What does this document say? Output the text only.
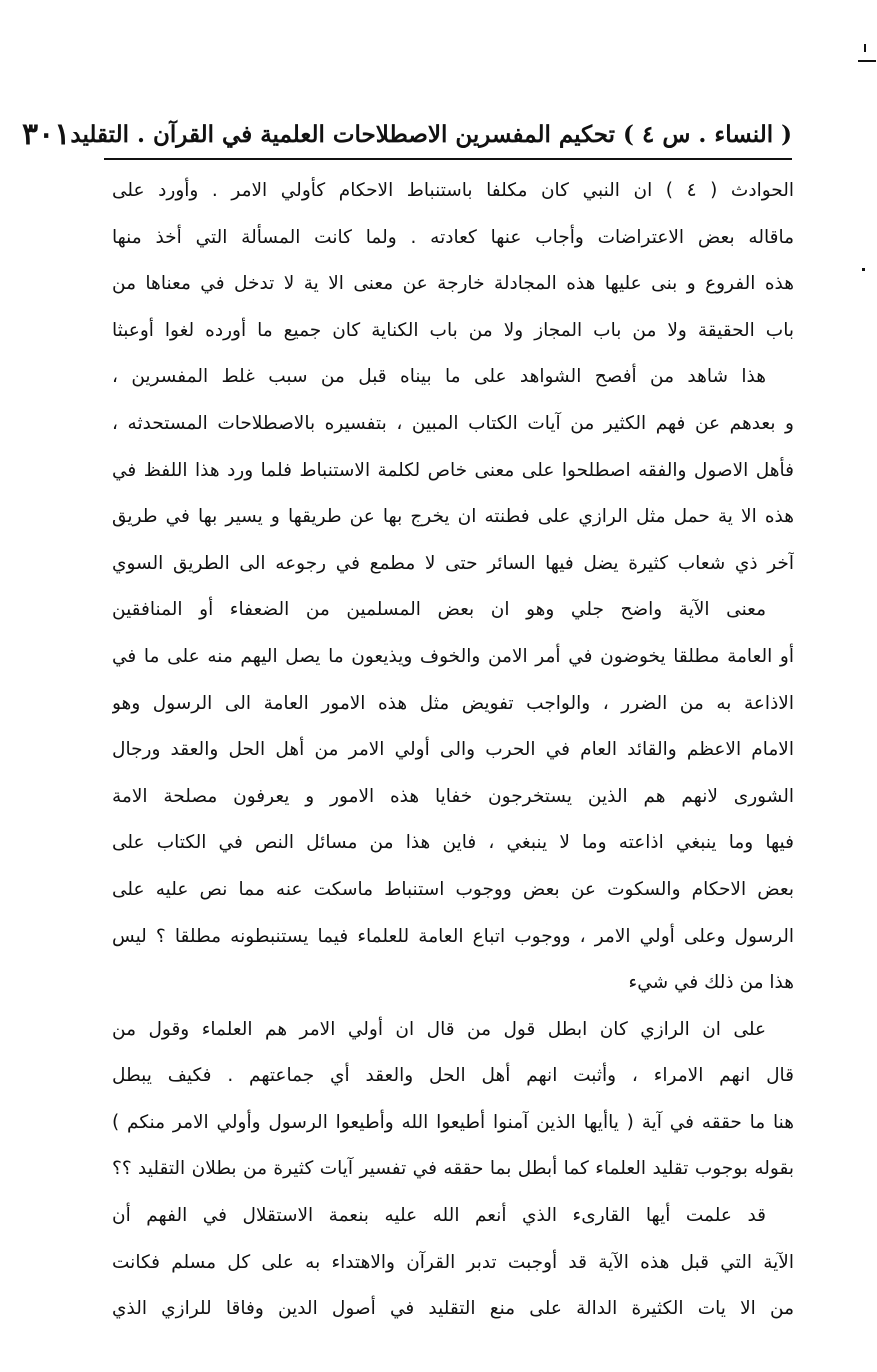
( النساء . س ٤ ) تحكيم المفسرين الاصطلاحات العلمية في القرآن . التقليد
٣٠١
الحوادث ( ٤ ) ان النبي كان مكلفا باستنباط الاحكام كأولي الامر . وأورد على
ماقاله بعض الاعتراضات وأجاب عنها كعادته . ولما كانت المسألة التي أخذ منها
هذه الفروع و بنى عليها هذه المجادلة خارجة عن معنى الا ية لا تدخل في معناها من
باب الحقيقة ولا من باب المجاز ولا من باب الكناية كان جميع ما أورده لغوا أوعبثا
هذا شاهد من أفصح الشواهد على ما بيناه قبل من سبب غلط المفسرين ،
و بعدهم عن فهم الكثير من آيات الكتاب المبين ، بتفسيره بالاصطلاحات المستحدثه ،
فأهل الاصول والفقه اصطلحوا على معنى خاص لكلمة الاستنباط فلما ورد هذا اللفظ في
هذه الا ية حمل مثل الرازي على فطنته ان يخرج بها عن طريقها و يسير بها في طريق
آخر ذي شعاب كثيرة يضل فيها السائر حتى لا مطمع في رجوعه الى الطريق السوي
معنى الآية واضح جلي وهو ان بعض المسلمين من الضعفاء أو المنافقين
أو العامة مطلقا يخوضون في أمر الامن والخوف ويذيعون ما يصل اليهم منه على ما في
الاذاعة به من الضرر ، والواجب تفويض مثل هذه الامور العامة الى الرسول وهو
الامام الاعظم والقائد العام في الحرب والى أولي الامر من أهل الحل والعقد ورجال
الشورى لانهم هم الذين يستخرجون خفايا هذه الامور و يعرفون مصلحة الامة
فيها وما ينبغي اذاعته وما لا ينبغي ، فاين هذا من مسائل النص في الكتاب على
بعض الاحكام والسكوت عن بعض ووجوب استنباط ماسكت عنه مما نص عليه على
الرسول وعلى أولي الامر ، ووجوب اتباع العامة للعلماء فيما يستنبطونه مطلقا ؟ ليس
هذا من ذلك في شيء
على ان الرازي كان ابطل قول من قال ان أولي الامر هم العلماء وقول من
قال انهم الامراء ، وأثبت انهم أهل الحل والعقد أي جماعتهم . فكيف يبطل
هنا ما حققه في آية ( ياأيها الذين آمنوا أطيعوا الله وأطيعوا الرسول وأولي الامر منكم )
بقوله بوجوب تقليد العلماء كما أبطل بما حققه في تفسير آيات كثيرة من بطلان التقليد ؟؟
قد علمت أيها القارىء الذي أنعم الله عليه بنعمة الاستقلال في الفهم أن
الآية التي قبل هذه الآية قد أوجبت تدبر القرآن والاهتداء به على كل مسلم فكانت
من الا يات الكثيرة الدالة على منع التقليد في أصول الدين وفاقا للرازي الذي
